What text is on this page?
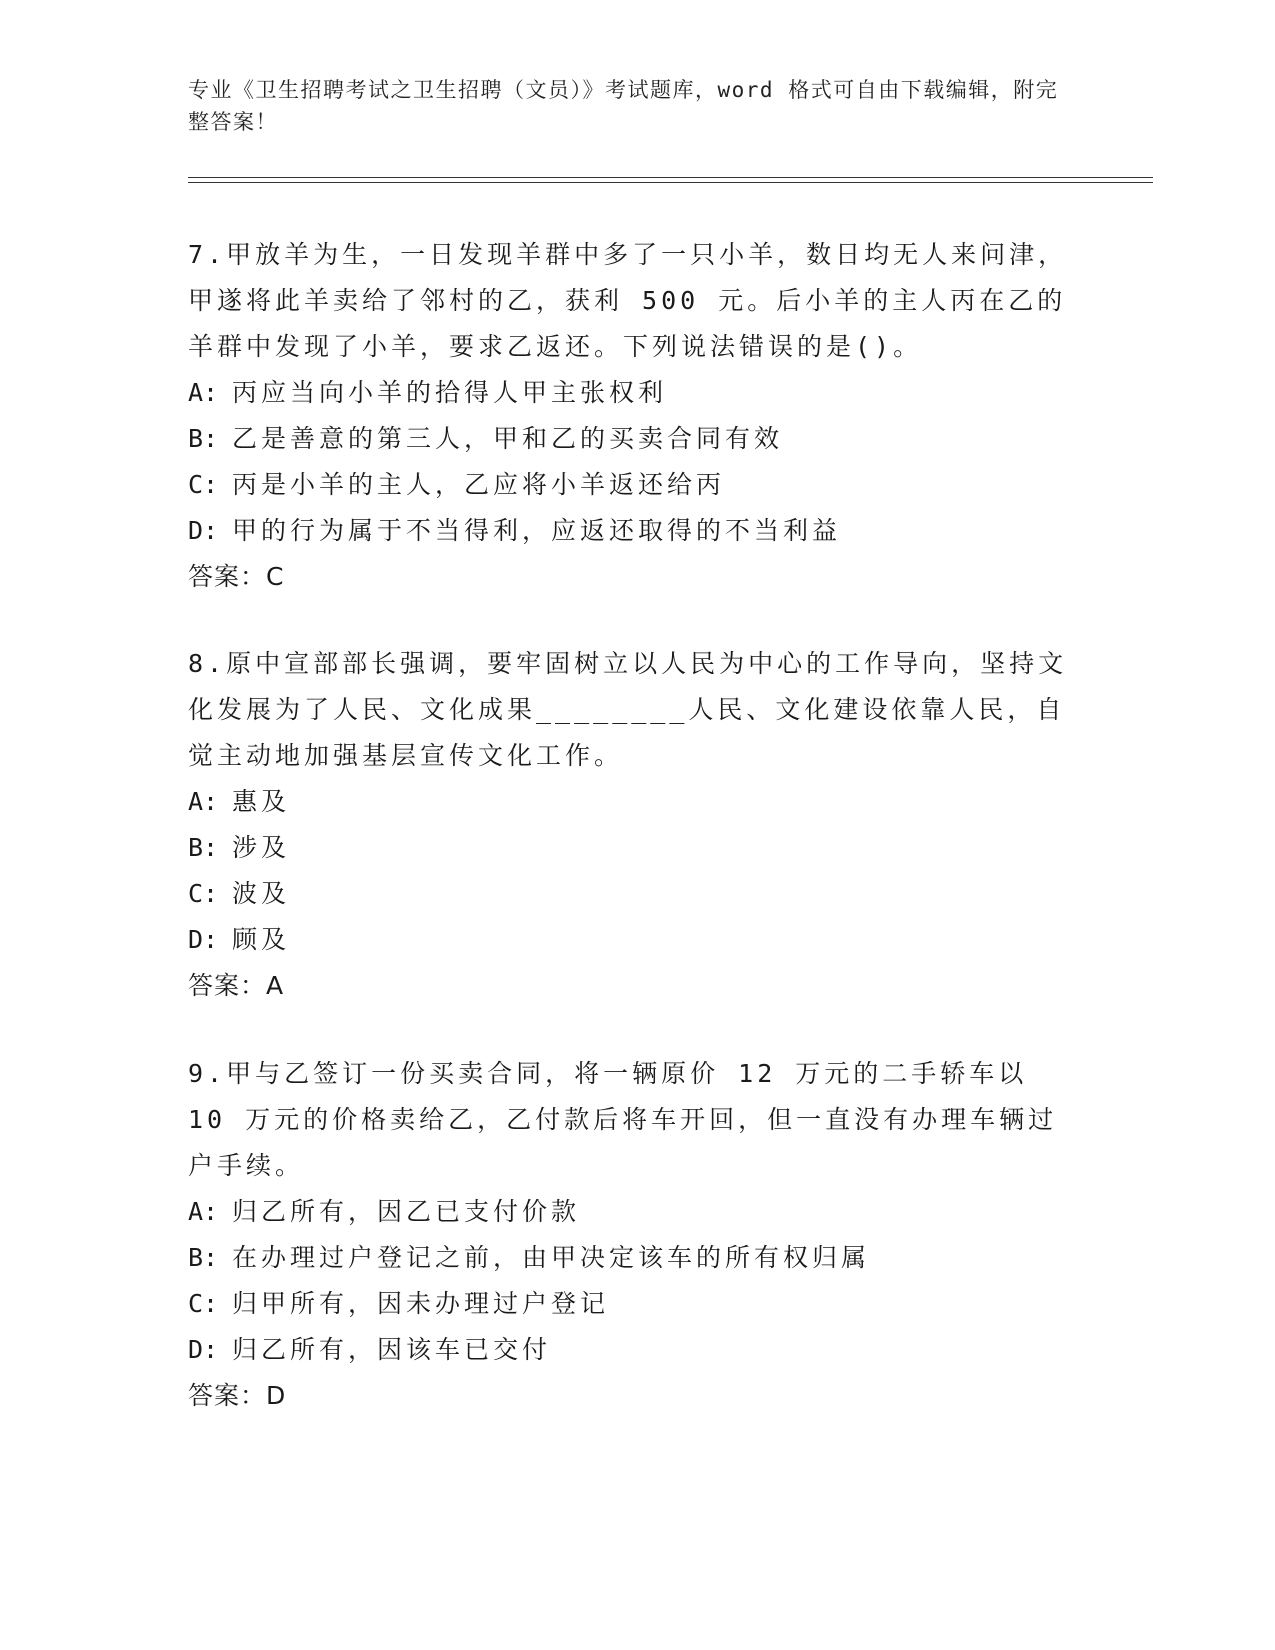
专业《卫生招聘考试之卫生招聘（文员）》考试题库，word 格式可自由下载编辑，附完整答案！

7.甲放羊为生，一日发现羊群中多了一只小羊，数日均无人来问津，甲遂将此羊卖给了邻村的乙，获利 500 元。后小羊的主人丙在乙的羊群中发现了小羊，要求乙返还。下列说法错误的是()。

A: 丙应当向小羊的拾得人甲主张权利
B: 乙是善意的第三人，甲和乙的买卖合同有效
C: 丙是小羊的主人，乙应将小羊返还给丙
D: 甲的行为属于不当得利，应返还取得的不当利益
答案：C

8.原中宣部部长强调，要牢固树立以人民为中心的工作导向，坚持文化发展为了人民、文化成果________人民、文化建设依靠人民，自觉主动地加强基层宣传文化工作。

A: 惠及
B: 涉及
C: 波及
D: 顾及
答案：A

9.甲与乙签订一份买卖合同，将一辆原价 12 万元的二手轿车以 10 万元的价格卖给乙，乙付款后将车开回，但一直没有办理车辆过户手续。

A: 归乙所有，因乙已支付价款
B: 在办理过户登记之前，由甲决定该车的所有权归属
C: 归甲所有，因未办理过户登记
D: 归乙所有，因该车已交付
答案：D
